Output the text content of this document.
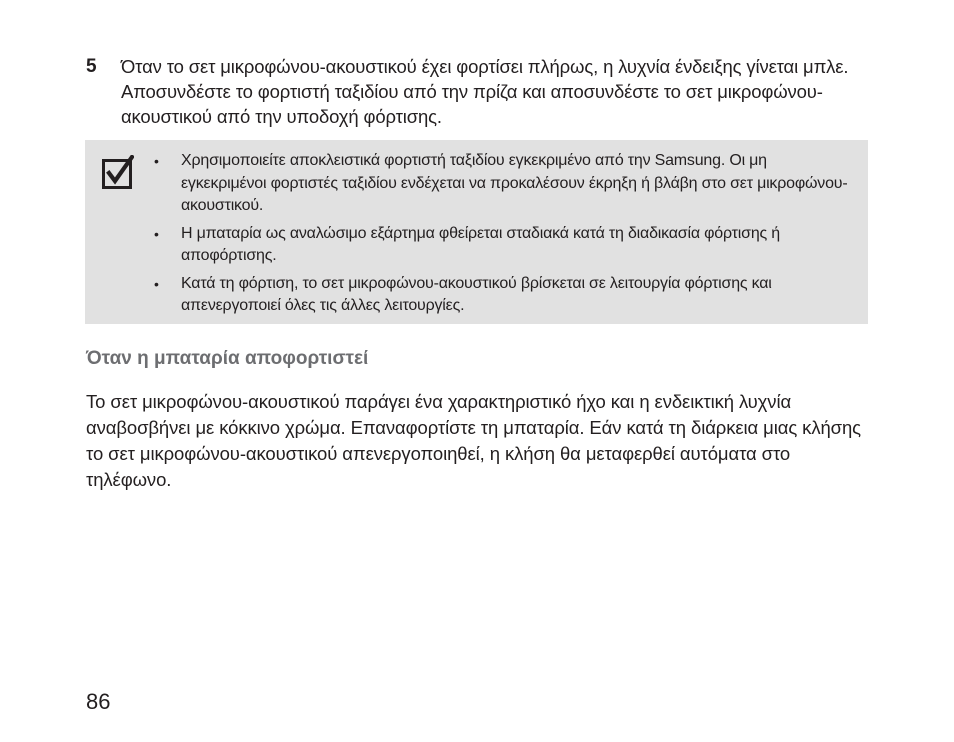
5 Όταν το σετ μικροφώνου-ακουστικού έχει φορτίσει πλήρως, η λυχνία ένδειξης γίνεται μπλε. Αποσυνδέστε το φορτιστή ταξιδίου από την πρίζα και αποσυνδέστε το σετ μικροφώνου-ακουστικού από την υποδοχή φόρτισης.
• Χρησιμοποιείτε αποκλειστικά φορτιστή ταξιδίου εγκεκριμένο από την Samsung. Οι μη εγκεκριμένοι φορτιστές ταξιδίου ενδέχεται να προκαλέσουν έκρηξη ή βλάβη στο σετ μικροφώνου-ακουστικού.
• Η μπαταρία ως αναλώσιμο εξάρτημα φθείρεται σταδιακά κατά τη διαδικασία φόρτισης ή αποφόρτισης.
• Κατά τη φόρτιση, το σετ μικροφώνου-ακουστικού βρίσκεται σε λειτουργία φόρτισης και απενεργοποιεί όλες τις άλλες λειτουργίες.
Όταν η μπαταρία αποφορτιστεί

Το σετ μικροφώνου-ακουστικού παράγει ένα χαρακτηριστικό ήχο και η ενδεικτική λυχνία αναβοσβήνει με κόκκινο χρώμα. Επαναφορτίστε τη μπαταρία. Εάν κατά τη διάρκεια μιας κλήσης το σετ μικροφώνου-ακουστικού απενεργοποιηθεί, η κλήση θα μεταφερθεί αυτόματα στο τηλέφωνο.

86
